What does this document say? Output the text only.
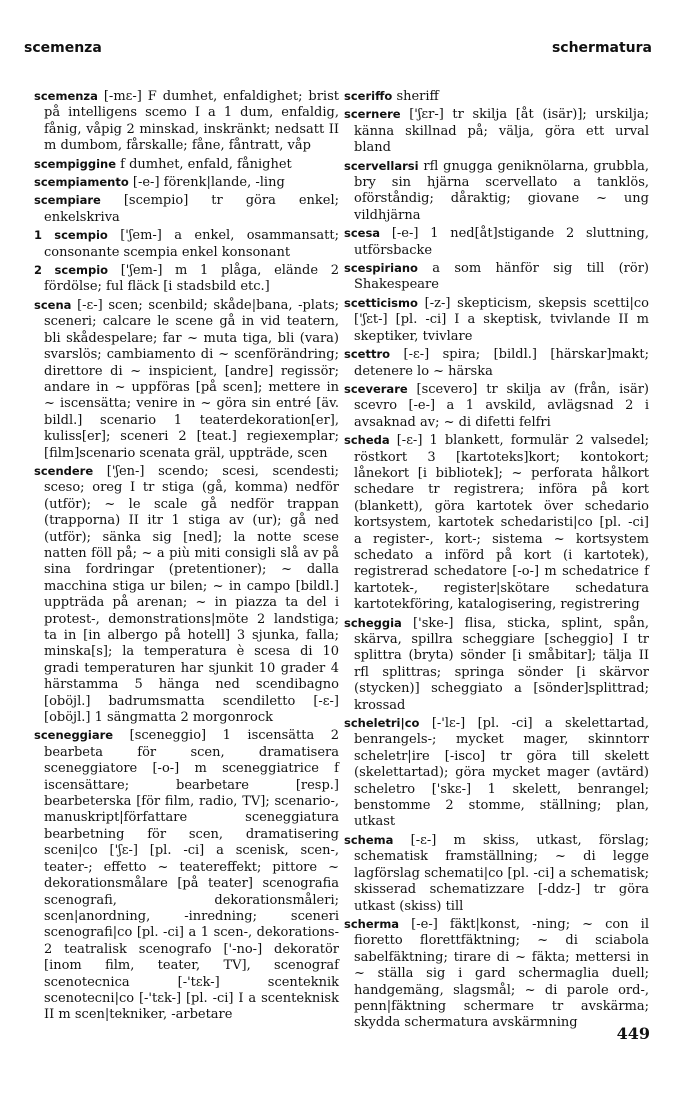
scemenza	schermatura

scemenza [-mɛ-] F dumhet, enfaldighet; brist på intelligens scemo I a 1 dum, enfaldig, fånig, våpig 2 minskad, inskränkt; nedsatt II m dumbom, fårskalle; fåne, fåntratt, våp

scempiggine f dumhet, enfald, fånighet

scempiamento [-e-] förenk|lande, -ling

scempiare [scempio] tr göra enkel; enkelskriva

1 scempio ['ʃem-] a enkel, osammansatt; consonante scempia enkel konsonant

2 scempio ['ʃem-] m 1 plåga, elände 2 fördölse; ful fläck [i stadsbild etc.]

scena [-ɛ-] scen; scenbild; skåde|bana, -plats; sceneri; calcare le scene gå in vid teatern, bli skådespelare; far ~ muta tiga, bli (vara) svarslös; cambiamento di ~ scenförändring; direttore di ~ inspicient, [andre] regissör; andare in ~ uppföras [på scen]; mettere in ~ iscensätta; venire in ~ göra sin entré [äv. bildl.] scenario 1 teaterdekoration[er], kuliss[er]; sceneri 2 [teat.] regiexemplar; [film]scenario scenata gräl, uppträde, scen

scendere ['ʃen-] scendo; scesi, scendesti; sceso; oreg I tr stiga (gå, komma) nedför (utför); ~ le scale gå nedför trappan (trapporna) II itr 1 stiga av (ur); gå ned (utför); sänka sig [ned]; la notte scese natten föll på; ~ a più miti consigli slå av på sina fordringar (pretentioner); ~ dalla macchina stiga ur bilen; ~ in campo [bildl.] uppträda på arenan; ~ in piazza ta del i protest-, demonstrations|möte 2 landstiga; ta in [in albergo på hotell] 3 sjunka, falla; minska[s]; la temperatura è scesa di 10 gradi temperaturen har sjunkit 10 grader 4 härstamma 5 hänga ned scendibagno [oböjl.] badrumsmatta scendiletto [-ɛ-] [oböjl.] 1 sängmatta 2 morgonrock

sceneggiare [sceneggio] 1 iscensätta 2 bearbeta för scen, dramatisera sceneggiatore [-o-] m sceneggiatrice f iscensättare; bearbetare [resp.] bearbeterska [för film, radio, TV]; scenario-, manuskript|författare sceneggiatura bearbetning för scen, dramatisering sceni|co ['ʃɛ-] [pl. -ci] a scenisk, scen-, teater-; effetto ~ teatereffekt; pittore ~ dekorationsmålare [på teater] scenografia scenografi, dekorationsmåleri; scen|anordning, -inredning; sceneri scenografi|co [pl. -ci] a 1 scen-, dekorations- 2 teatralisk scenografo ['-no-] dekoratör [inom film, teater, TV], scenograf scenotecnica [-'tɛk-] scenteknik scenotecni|co [-'tɛk-] [pl. -ci] I a scenteknisk II m scen|tekniker, -arbetare

sceriffo sheriff

scernere ['ʃɛr-] tr skilja [åt (isär)]; urskilja; känna skillnad på; välja, göra ett urval bland

scervellarsi rfl gnugga geniknölarna, grubbla, bry sin hjärna scervellato a tanklös, oförståndig; dåraktig; giovane ~ ung vildhjärna

scesa [-e-] 1 ned[åt]stigande 2 sluttning, utförsbacke

scespiriano a som hänför sig till (rör) Shakespeare

scetticismo [-z-] skepticism, skepsis scetti|co ['ʃɛt-] [pl. -ci] I a skeptisk, tvivlande II m skeptiker, tvivlare

scettro [-ɛ-] spira; [bildl.] [härskar]makt; detenere lo ~ härska

sceverare [scevero] tr skilja av (från, isär) scevro [-e-] a 1 avskild, avlägsnad 2 i avsaknad av; ~ di difetti felfri

scheda [-ɛ-] 1 blankett, formulär 2 valsedel; röstkort 3 [kartoteks]kort; kontokort; lånekort [i bibliotek]; ~ perforata hålkort schedare tr registrera; införa på kort (blankett), göra kartotek över schedario kortsystem, kartotek schedaristi|co [pl. -ci] a register-, kort-; sistema ~ kortsystem schedato a införd på kort (i kartotek), registrerad schedatore [-o-] m schedatrice f kartotek-, register|skötare schedatura kartotekföring, katalogisering, registrering

scheggia ['ske-] flisa, sticka, splint, spån, skärva, spillra scheggiare [scheggio] I tr splittra (bryta) sönder [i småbitar]; tälja II rfl splittras; springa sönder [i skärvor (stycken)] scheggiato a [sönder]splittrad; krossad

scheletri|co [-'lɛ-] [pl. -ci] a skelettartad, benrangels-; mycket mager, skinntorr scheletr|ire [-isco] tr göra till skelett (skelettartad); göra mycket mager (avtärd) scheletro ['skɛ-] 1 skelett, benrangel; benstomme 2 stomme, ställning; plan, utkast

schema [-ɛ-] m skiss, utkast, förslag; schematisk framställning; ~ di legge lagförslag schemati|co [pl. -ci] a schematisk; skisserad schematizzare [-ddz-] tr göra utkast (skiss) till

scherma [-e-] fäkt|konst, -ning; ~ con il fioretto florettfäktning; ~ di sciabola sabelfäktning; tirare di ~ fäkta; mettersi in ~ ställa sig i gard schermaglia duell; handgemäng, slagsmål; ~ di parole ord-, penn|fäktning schermare tr avskärma; skydda schermatura avskärmning

449
